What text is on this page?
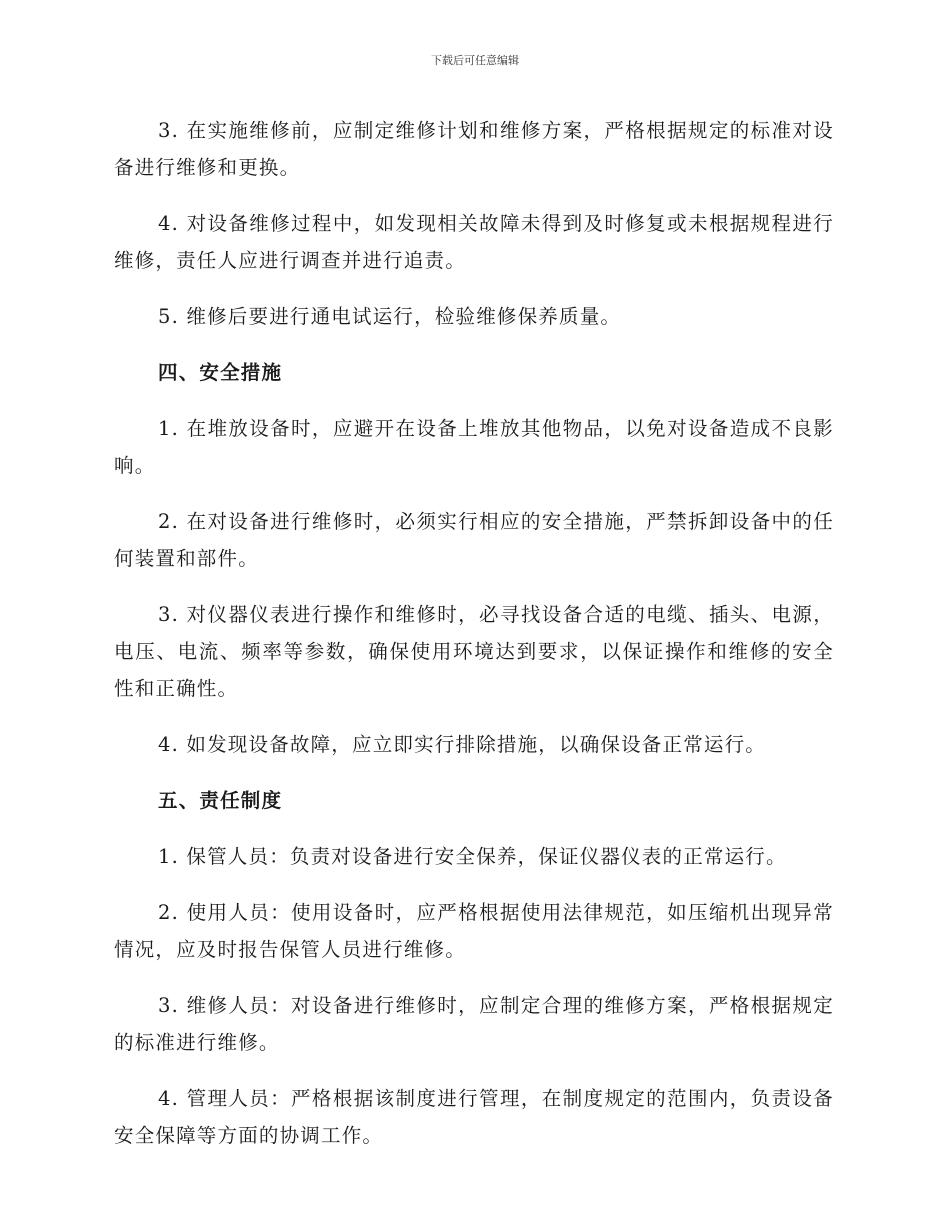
下载后可任意编辑

3. 在实施维修前，应制定维修计划和维修方案，严格根据规定的标准对设备进行维修和更换。

4. 对设备维修过程中，如发现相关故障未得到及时修复或未根据规程进行维修，责任人应进行调查并进行追责。

5. 维修后要进行通电试运行，检验维修保养质量。

四、安全措施

1. 在堆放设备时，应避开在设备上堆放其他物品，以免对设备造成不良影响。

2. 在对设备进行维修时，必须实行相应的安全措施，严禁拆卸设备中的任何装置和部件。

3. 对仪器仪表进行操作和维修时，必寻找设备合适的电缆、插头、电源，电压、电流、频率等参数，确保使用环境达到要求，以保证操作和维修的安全性和正确性。

4. 如发现设备故障，应立即实行排除措施，以确保设备正常运行。

五、责任制度

1. 保管人员：负责对设备进行安全保养，保证仪器仪表的正常运行。

2. 使用人员：使用设备时，应严格根据使用法律规范，如压缩机出现异常情况，应及时报告保管人员进行维修。

3. 维修人员：对设备进行维修时，应制定合理的维修方案，严格根据规定的标准进行维修。

4. 管理人员：严格根据该制度进行管理，在制度规定的范围内，负责设备安全保障等方面的协调工作。
